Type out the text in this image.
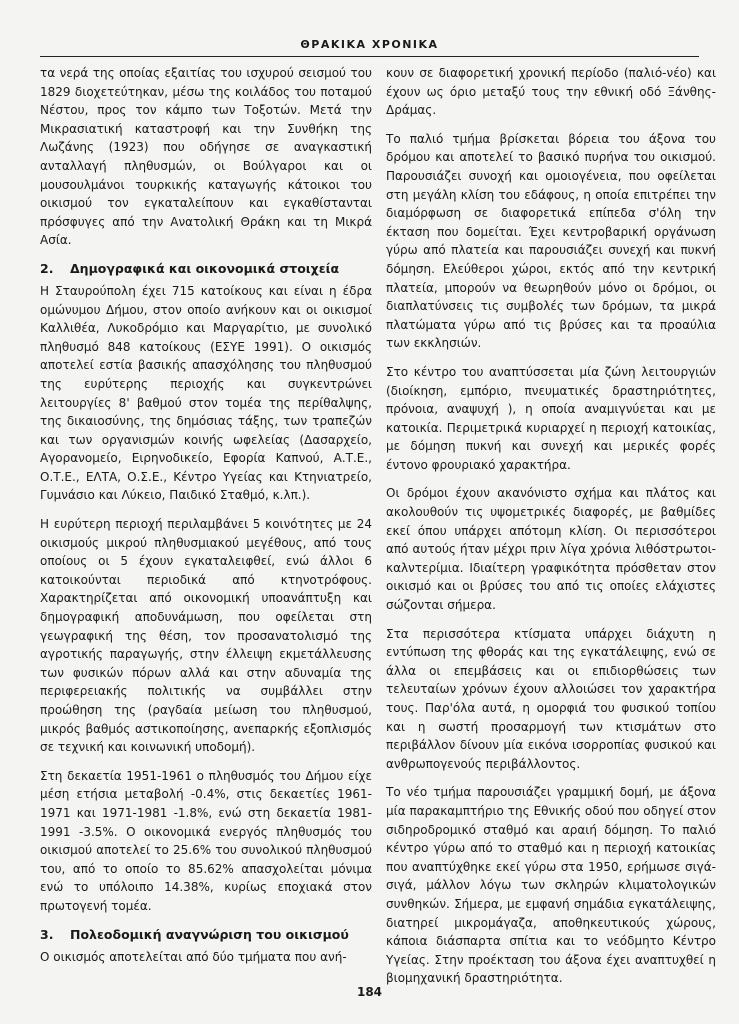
ΘΡΑΚΙΚΑ ΧΡΟΝΙΚΑ

τα νερά της οποίας εξαιτίας του ισχυρού σεισμού του 1829 διοχετεύτηκαν, μέσω της κοιλάδος του ποταμού Νέστου, προς τον κάμπο των Τοξοτών. Μετά την Μικρασιατική καταστροφή και την Συνθήκη της Λωζάνης (1923) που οδήγησε σε αναγκαστική ανταλλαγή πληθυσμών, οι Βούλγαροι και οι μουσουλμάνοι τουρκικής καταγωγής κάτοικοι του οικισμού τον εγκαταλείπουν και εγκαθίστανται πρόσφυγες από την Ανατολική Θράκη και τη Μικρά Ασία.

2.	Δημογραφικά και οικονομικά στοιχεία

Η Σταυρούπολη έχει 715 κατοίκους και είναι η έδρα ομώνυμου Δήμου, στον οποίο ανήκουν και οι οικισμοί Καλλιθέα, Λυκοδρόμιο και Μαργαρίτιο, με συνολικό πληθυσμό 848 κατοίκους (ΕΣΥΕ 1991). Ο οικισμός αποτελεί εστία βασικής απασχόλησης του πληθυσμού της ευρύτερης περιοχής και συγκεντρώνει λειτουργίες 8' βαθμού στον τομέα της περίθαλψης, της δικαιοσύνης, της δημόσιας τάξης, των τραπεζών και των οργανισμών κοινής ωφελείας (Δασαρχείο, Αγορανομείο, Ειρηνοδικείο, Εφορία Καπνού, Α.Τ.Ε., Ο.Τ.Ε., ΕΛΤΑ, Ο.Σ.Ε., Κέντρο Υγείας και Κτηνιατρείο, Γυμνάσιο και Λύκειο, Παιδικό Σταθμό, κ.λπ.).

Η ευρύτερη περιοχή περιλαμβάνει 5 κοινότητες με 24 οικισμούς μικρού πληθυσμιακού μεγέθους, από τους οποίους οι 5 έχουν εγκαταλειφθεί, ενώ άλλοι 6 κατοικούνται περιοδικά από κτηνοτρόφους. Χαρακτηρίζεται από οικονομική υποανάπτυξη και δημογραφική αποδυνάμωση, που οφείλεται στη γεωγραφική της θέση, τον προσανατολισμό της αγροτικής παραγωγής, στην έλλειψη εκμετάλλευσης των φυσικών πόρων αλλά και στην αδυναμία της περιφερειακής πολιτικής να συμβάλλει στην προώθηση της (ραγδαία μείωση του πληθυσμού, μικρός βαθμός αστικοποίησης, ανεπαρκής εξοπλισμός σε τεχνική και κοινωνική υποδομή).

Στη δεκαετία 1951-1961 ο πληθυσμός του Δήμου είχε μέση ετήσια μεταβολή -0.4%, στις δεκαετίες 1961-1971 και 1971-1981 -1.8%, ενώ στη δεκαετία 1981-1991 -3.5%. Ο οικονομικά ενεργός πληθυσμός του οικισμού αποτελεί το 25.6% του συνολικού πληθυσμού του, από το οποίο το 85.62% απασχολείται μόνιμα ενώ το υπόλοιπο 14.38%, κυρίως εποχιακά στον πρωτογενή τομέα.

3.	Πολεοδομική αναγνώριση του οικισμού

Ο οικισμός αποτελείται από δύο τμήματα που ανή-

κουν σε διαφορετική χρονική περίοδο (παλιό-νέο) και έχουν ως όριο μεταξύ τους την εθνική οδό Ξάνθης-Δράμας.

Το παλιό τμήμα βρίσκεται βόρεια του άξονα του δρόμου και αποτελεί το βασικό πυρήνα του οικισμού. Παρουσιάζει συνοχή και ομοιογένεια, που οφείλεται στη μεγάλη κλίση του εδάφους, η οποία επιτρέπει την διαμόρφωση σε διαφορετικά επίπεδα σ'όλη την έκταση που δομείται. Έχει κεντροβαρική οργάνωση γύρω από πλατεία και παρουσιάζει συνεχή και πυκνή δόμηση. Ελεύθεροι χώροι, εκτός από την κεντρική πλατεία, μπορούν να θεωρηθούν μόνο οι δρόμοι, οι διαπλατύνσεις τις συμβολές των δρόμων, τα μικρά πλατώματα γύρω από τις βρύσες και τα προαύλια των εκκλησιών.

Στο κέντρο του αναπτύσσεται μία ζώνη λειτουργιών (διοίκηση, εμπόριο, πνευματικές δραστηριότητες, πρόνοια, αναψυχή ), η οποία αναμιγνύεται και με κατοικία. Περιμετρικά κυριαρχεί η περιοχή κατοικίας, με δόμηση πυκνή και συνεχή και μερικές φορές έντονο φρουριακό χαρακτήρα.

Οι δρόμοι έχουν ακανόνιστο σχήμα και πλάτος και ακολουθούν τις υψομετρικές διαφορές, με βαθμίδες εκεί όπου υπάρχει απότομη κλίση. Οι περισσότεροι από αυτούς ήταν μέχρι πριν λίγα χρόνια λιθόστρωτοι-καλντερίμια. Ιδιαίτερη γραφικότητα πρόσθεταν στον οικισμό και οι βρύσες του από τις οποίες ελάχιστες σώζονται σήμερα.

Στα περισσότερα κτίσματα υπάρχει διάχυτη η εντύπωση της φθοράς και της εγκατάλειψης, ενώ σε άλλα οι επεμβάσεις και οι επιδιορθώσεις των τελευταίων χρόνων έχουν αλλοιώσει τον χαρακτήρα τους. Παρ'όλα αυτά, η ομορφιά του φυσικού τοπίου και η σωστή προσαρμογή των κτισμάτων στο περιβάλλον δίνουν μία εικόνα ισορροπίας φυσικού και ανθρωπογενούς περιβάλλοντος.

Το νέο τμήμα παρουσιάζει γραμμική δομή, με άξονα μία παρακαμπτήριο της Εθνικής οδού που οδηγεί στον σιδηροδρομικό σταθμό και αραιή δόμηση. Το παλιό κέντρο γύρω από το σταθμό και η περιοχή κατοικίας που αναπτύχθηκε εκεί γύρω στα 1950, ερήμωσε σιγά-σιγά, μάλλον λόγω των σκληρών κλιματολογικών συνθηκών. Σήμερα, με εμφανή σημάδια εγκατάλειψης, διατηρεί μικρομάγαζα, αποθηκευτικούς χώρους, κάποια διάσπαρτα σπίτια και το νεόδμητο Κέντρο Υγείας. Στην προέκταση του άξονα έχει αναπτυχθεί η βιομηχανική δραστηριότητα.

184
